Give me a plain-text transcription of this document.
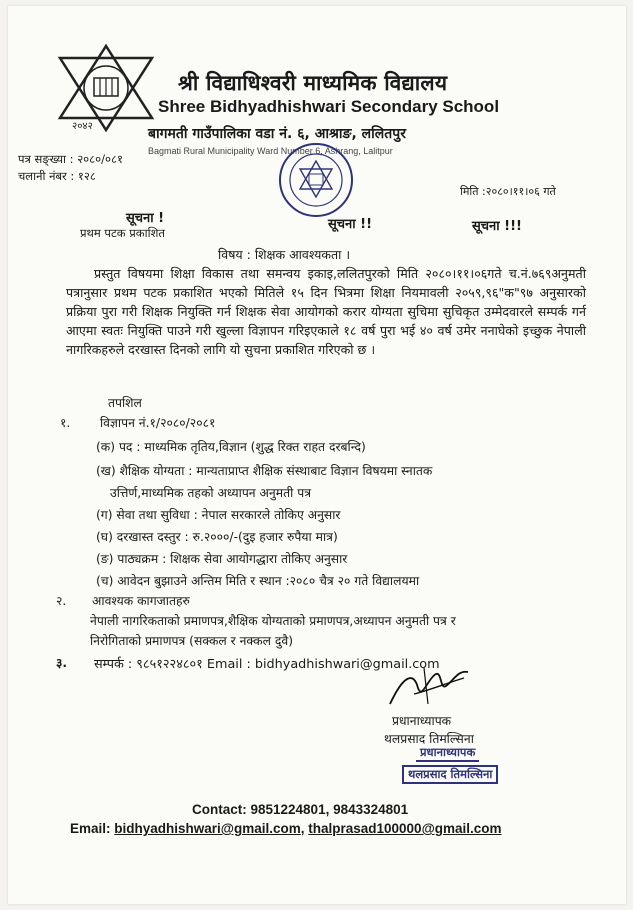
२०४२
श्री विद्याधिश्वरी माध्यमिक विद्यालय
Shree Bidhyadhishwari Secondary School
बागमती गाउँपालिका वडा नं. ६, आश्राङ, ललितपुर
Bagmati Rural Municipality Ward Number 6, Ashrang, Lalitpur
पत्र सङ्ख्या : २०८०/०८१
चलानी नंबर : १२८
मिति :२०८०।११।०६ गते
सूचना !	सूचना !!	सूचना !!!
प्रथम पटक प्रकाशित
विषय : शिक्षक आवश्यकता ।
प्रस्तुत विषयमा शिक्षा विकास तथा समन्वय इकाइ,ललितपुरको मिति २०८०।११।०६गते च.नं.७६९अनुमती पत्रानुसार प्रथम पटक प्रकाशित भएको मितिले १५ दिन भित्रमा शिक्षा नियमावली २०५९,९६"क"९७ अनुसारको प्रक्रिया पुरा गरी शिक्षक नियुक्ति गर्न शिक्षक सेवा आयोगको करार योग्यता सुचिमा सुचिकृत उम्मेदवारले सम्पर्क गर्न आएमा स्वतः नियुक्ति पाउने गरी खुल्ला विज्ञापन गरिइएकाले १८ वर्ष पुरा भई ४० वर्ष उमेर ननाघेको इच्छुक नेपाली नागरिकहरुले दरखास्त दिनको लागि यो सुचना प्रकाशित गरिएको छ ।
तपशिल
१. विज्ञापन नं.१/२०८०/२०८१
(क) पद : माध्यमिक तृतिय,विज्ञान (शुद्ध रिक्त राहत दरबन्दि)
(ख) शैक्षिक योग्यता : मान्यताप्राप्त शैक्षिक संस्थाबाट विज्ञान विषयमा स्नातक
उत्तिर्ण,माध्यमिक तहको अध्यापन अनुमती पत्र
(ग) सेवा तथा सुविधा : नेपाल सरकारले तोकिए अनुसार
(घ) दरखास्त दस्तुर : रु.२०००/-(दुइ हजार रुपैया मात्र)
(ङ) पाठ्यक्रम : शिक्षक सेवा आयोगद्धारा तोकिए अनुसार
(च) आवेदन बुझाउने अन्तिम मिति र स्थान :२०८० चैत्र २० गते विद्यालयमा
२. आवश्यक कागजातहरु
नेपाली नागरिकताको प्रमाणपत्र,शैक्षिक योग्यताको प्रमाणपत्र,अध्यापन अनुमती पत्र र
निरोगिताको प्रमाणपत्र (सक्कल र नक्कल दुवै)
३. सम्पर्क : ९८५१२२४८०१ Email : bidhyadhishwari@gmail.com
प्रधानाध्यापक
थलप्रसाद तिमल्सिना
प्रधानाध्यापक
थलप्रसाद तिमल्सिना
Contact: 9851224801, 9843324801
Email: bidhyadhishwari@gmail.com, thalprasad100000@gmail.com
